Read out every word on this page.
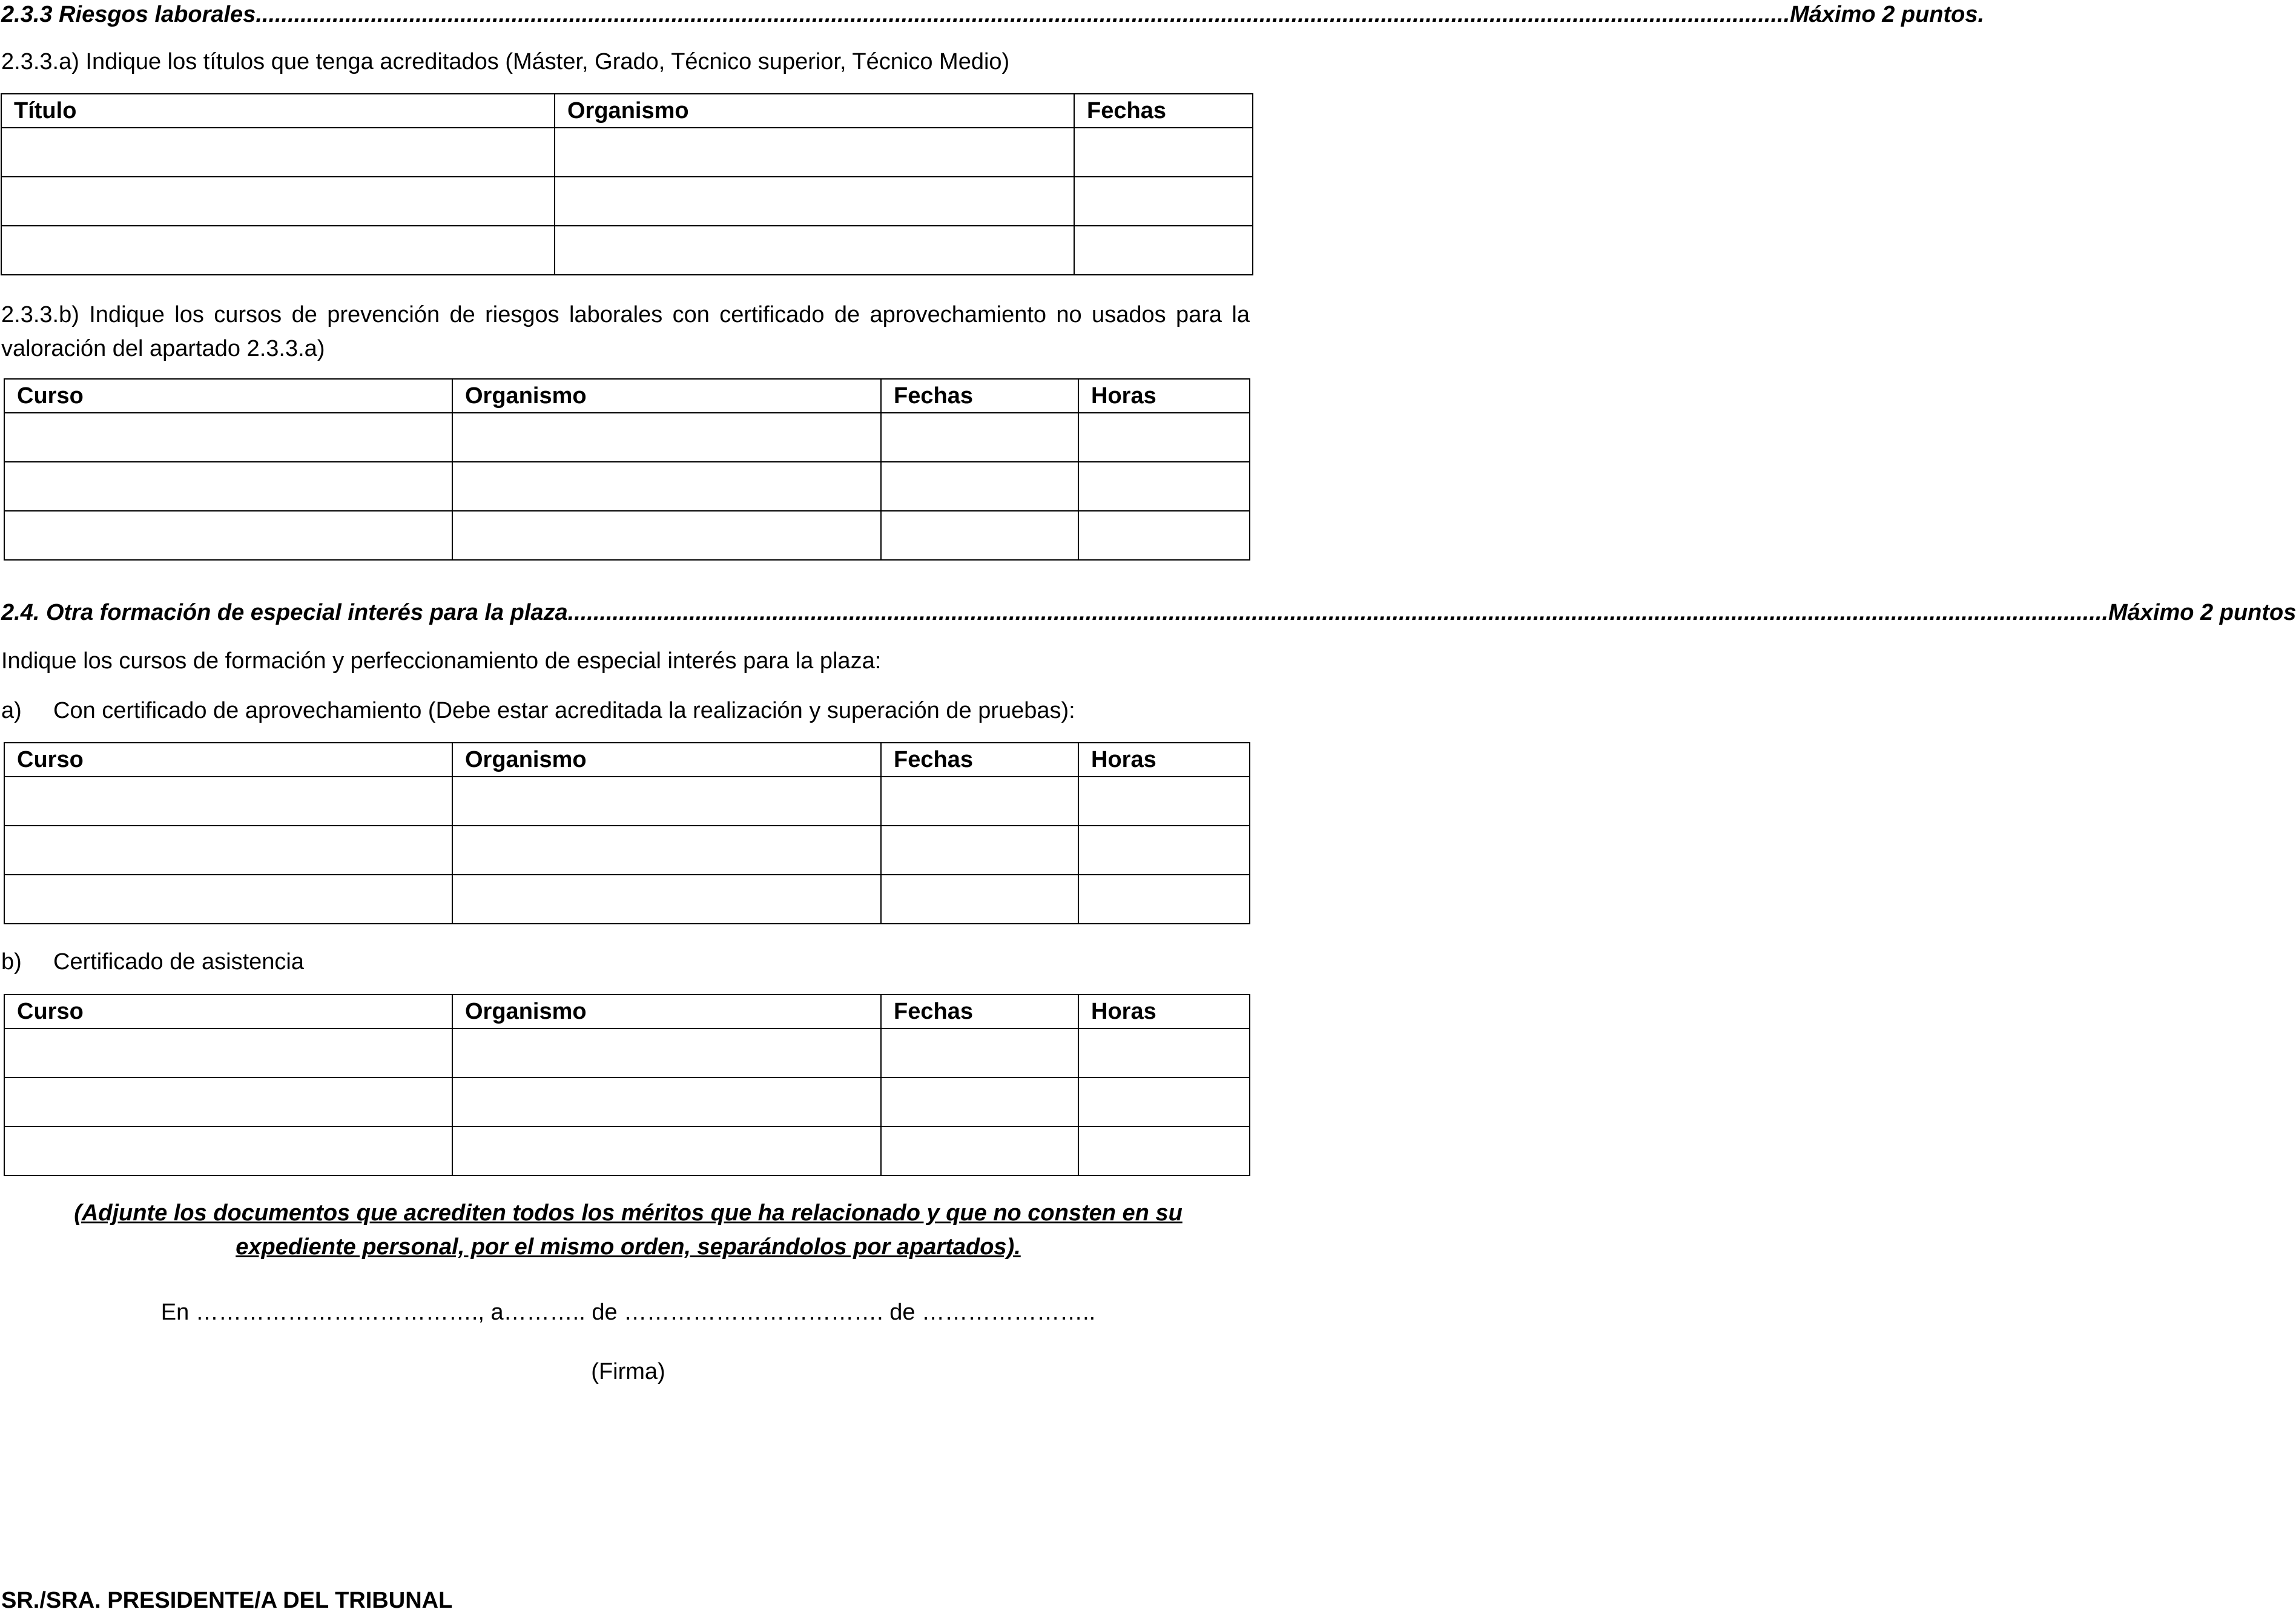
2.3.3 Riesgos laborales ................................................................................................................................................................................................................................................ Máximo 2 puntos.
2.3.3.a) Indique los títulos que tenga acreditados (Máster, Grado, Técnico superior, Técnico Medio)
Título	Organismo	Fechas

2.3.3.b) Indique los cursos de prevención de riesgos laborales con certificado de aprovechamiento no usados para la valoración del apartado 2.3.3.a)
Curso	Organismo	Fechas	Horas

2.4. Otra formación de especial interés para la plaza. ................................................................................................................................................................................................................................................ Máximo 2 puntos
Indique los cursos de formación y perfeccionamiento de especial interés para la plaza:
a) Con certificado de aprovechamiento (Debe estar acreditada la realización y superación de pruebas):
Curso	Organismo	Fechas	Horas

b) Certificado de asistencia
Curso	Organismo	Fechas	Horas

(Adjunte los documentos que acrediten todos los méritos que ha relacionado y que no consten en su
expediente personal, por el mismo orden, separándolos por apartados).
En ………………………………., a……….. de ……………………………. de …………………..
(Firma)
SR./SRA. PRESIDENTE/A DEL TRIBUNAL
